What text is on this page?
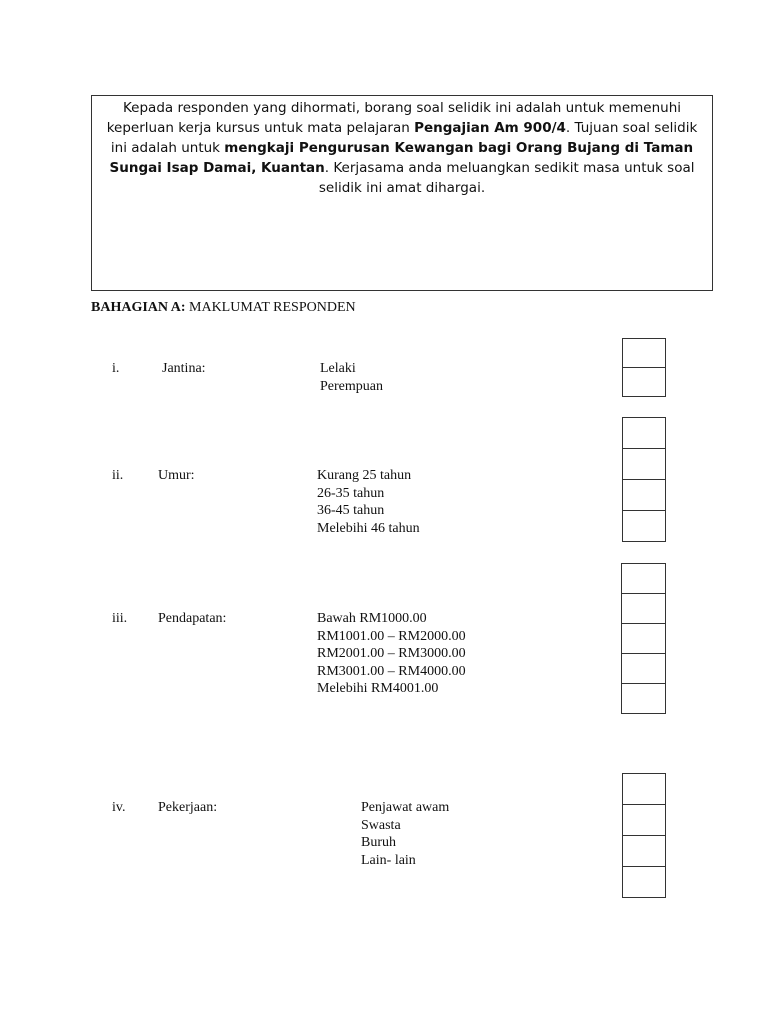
Kepada responden yang dihormati, borang soal selidik ini adalah untuk memenuhi keperluan kerja kursus untuk mata pelajaran Pengajian Am 900/4. Tujuan soal selidik ini adalah untuk mengkaji Pengurusan Kewangan bagi Orang Bujang di Taman Sungai Isap Damai, Kuantan. Kerjasama anda meluangkan sedikit masa untuk soal selidik ini amat dihargai.
BAHAGIAN A: MAKLUMAT RESPONDEN
i.	Jantina:	Lelaki
Perempuan
ii. Umur:	Kurang 25 tahun
26-35 tahun
36-45 tahun
Melebihi 46 tahun
iii. Pendapatan:	Bawah RM1000.00
RM1001.00 – RM2000.00
RM2001.00 – RM3000.00
RM3001.00 – RM4000.00
Melebihi RM4001.00
iv. Pekerjaan:	Penjawat awam
Swasta
Buruh
Lain- lain
